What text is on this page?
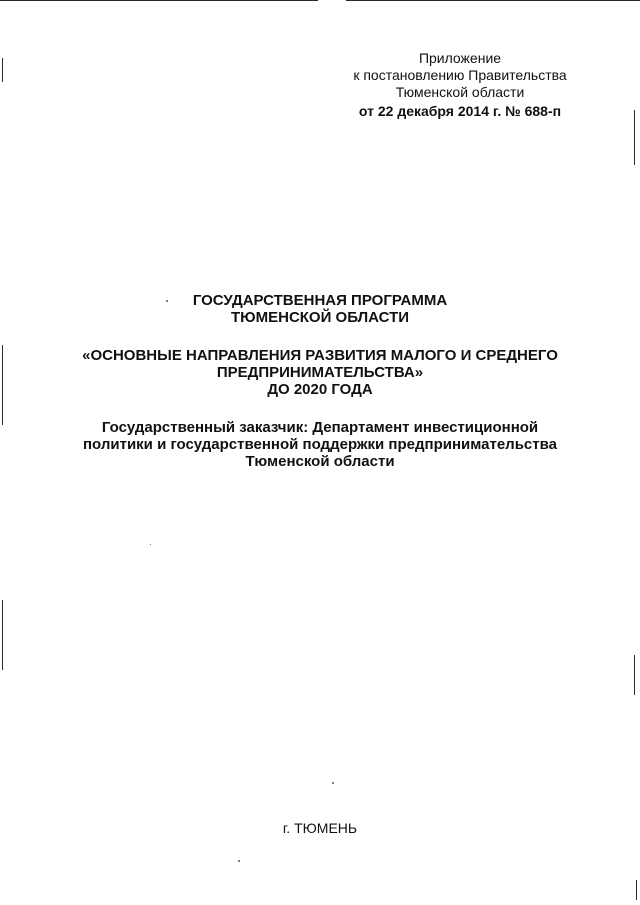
Приложение
к постановлению Правительства
Тюменской области
от 22 декабря 2014 г. № 688-п
ГОСУДАРСТВЕННАЯ ПРОГРАММА
ТЮМЕНСКОЙ ОБЛАСТИ
«ОСНОВНЫЕ НАПРАВЛЕНИЯ РАЗВИТИЯ МАЛОГО И СРЕДНЕГО
ПРЕДПРИНИМАТЕЛЬСТВА»
ДО 2020 ГОДА
Государственный заказчик: Департамент инвестиционной
политики и государственной поддержки предпринимательства
Тюменской области
г. ТЮМЕНЬ
